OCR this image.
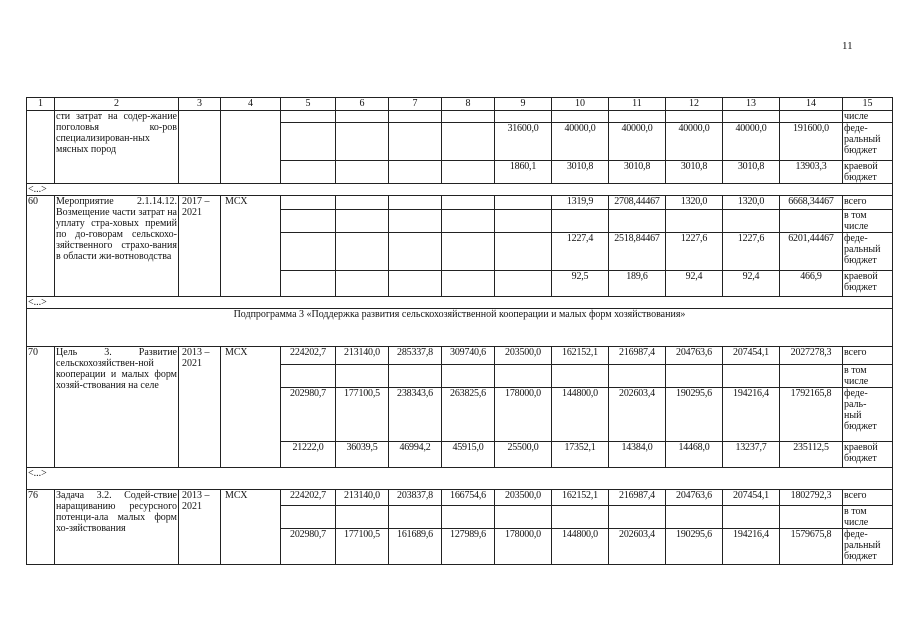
11
1	2	3	4	5	6	7	8	9	10	11	12	13	14	15
	сти затрат на содер-жание поголовья ко-ров специализирован-ных мясных пород													числе
								31600,0	40000,0	40000,0	40000,0	40000,0	191600,0	феде-
ральный
бюджет
								1860,1	3010,8	3010,8	3010,8	3010,8	13903,3	краевой
бюджет
<...>														
60	Мероприятие 2.1.14.12. Возмещение части затрат на уплату стра-ховых премий по до-говорам сельскохо-зяйственного страхо-вания в области жи-вотноводства	2017 – 2021	МСХ						1319,9	2708,44467	1320,0	1320,0	6668,34467	всего
														в том
числе
									1227,4	2518,84467	1227,6	1227,6	6201,44467	феде-
ральный
бюджет
									92,5	189,6	92,4	92,4	466,9	краевой
бюджет
<...>														
Подпрограмма 3 «Поддержка развития сельскохозяйственной кооперации и малых форм хозяйствования»														
70	Цель 3. Развитие сельскохозяйствен-ной кооперации и малых форм хозяй-ствования на селе	2013 – 2021	МСХ	224202,7	213140,0	285337,8	309740,6	203500,0	162152,1	216987,4	204763,6	207454,1	2027278,3	всего
														в том
числе
				202980,7	177100,5	238343,6	263825,6	178000,0	144800,0	202603,4	190295,6	194216,4	1792165,8	феде-
раль-
ный
бюджет
				21222,0	36039,5	46994,2	45915,0	25500,0	17352,1	14384,0	14468,0	13237,7	235112,5	краевой
бюджет
<...>														
76	Задача 3.2. Содей-ствие наращиванию ресурсного потенци-ала малых форм хо-зяйствования	2013 – 2021	МСХ	224202,7	213140,0	203837,8	166754,6	203500,0	162152,1	216987,4	204763,6	207454,1	1802792,3	всего
														в том
числе
				202980,7	177100,5	161689,6	127989,6	178000,0	144800,0	202603,4	190295,6	194216,4	1579675,8	феде-
ральный
бюджет
